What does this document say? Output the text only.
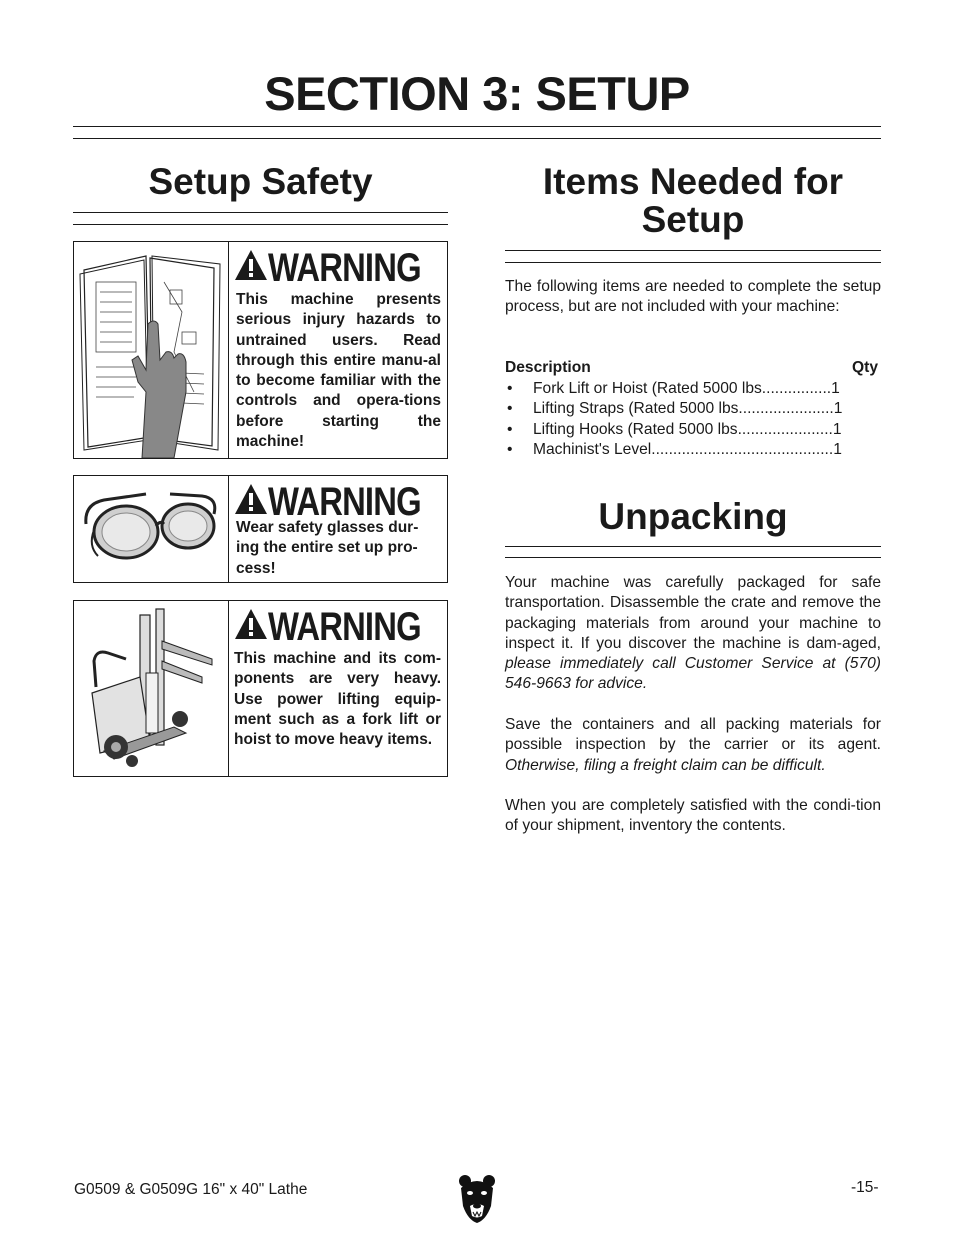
SECTION 3: SETUP
Setup Safety
WARNING
This machine presents serious injury hazards to untrained users. Read through this entire manu-al to become familiar with the controls and opera-tions before starting the machine!
WARNING
Wear safety glasses dur-ing the entire set up pro-cess!
WARNING
This machine and its com-ponents are very heavy. Use power lifting equip-ment such as a fork lift or hoist to move heavy items.
Items Needed for Setup
The following items are needed to complete the setup process, but are not included with your machine:
Description	Qty
• Fork Lift or Hoist (Rated 5000 lbs................1
• Lifting Straps (Rated 5000 lbs......................1
• Lifting Hooks (Rated 5000 lbs......................1
• Machinist's Level..........................................1
Unpacking
Your machine was carefully packaged for safe transportation. Disassemble the crate and remove the packaging materials from around your machine to inspect it. If you discover the machine is dam-aged, please immediately call Customer Service at (570) 546-9663 for advice.
Save the containers and all packing materials for possible inspection by the carrier or its agent. Otherwise, filing a freight claim can be difficult.
When you are completely satisfied with the condi-tion of your shipment, inventory the contents.
G0509 & G0509G 16" x 40" Lathe	-15-
